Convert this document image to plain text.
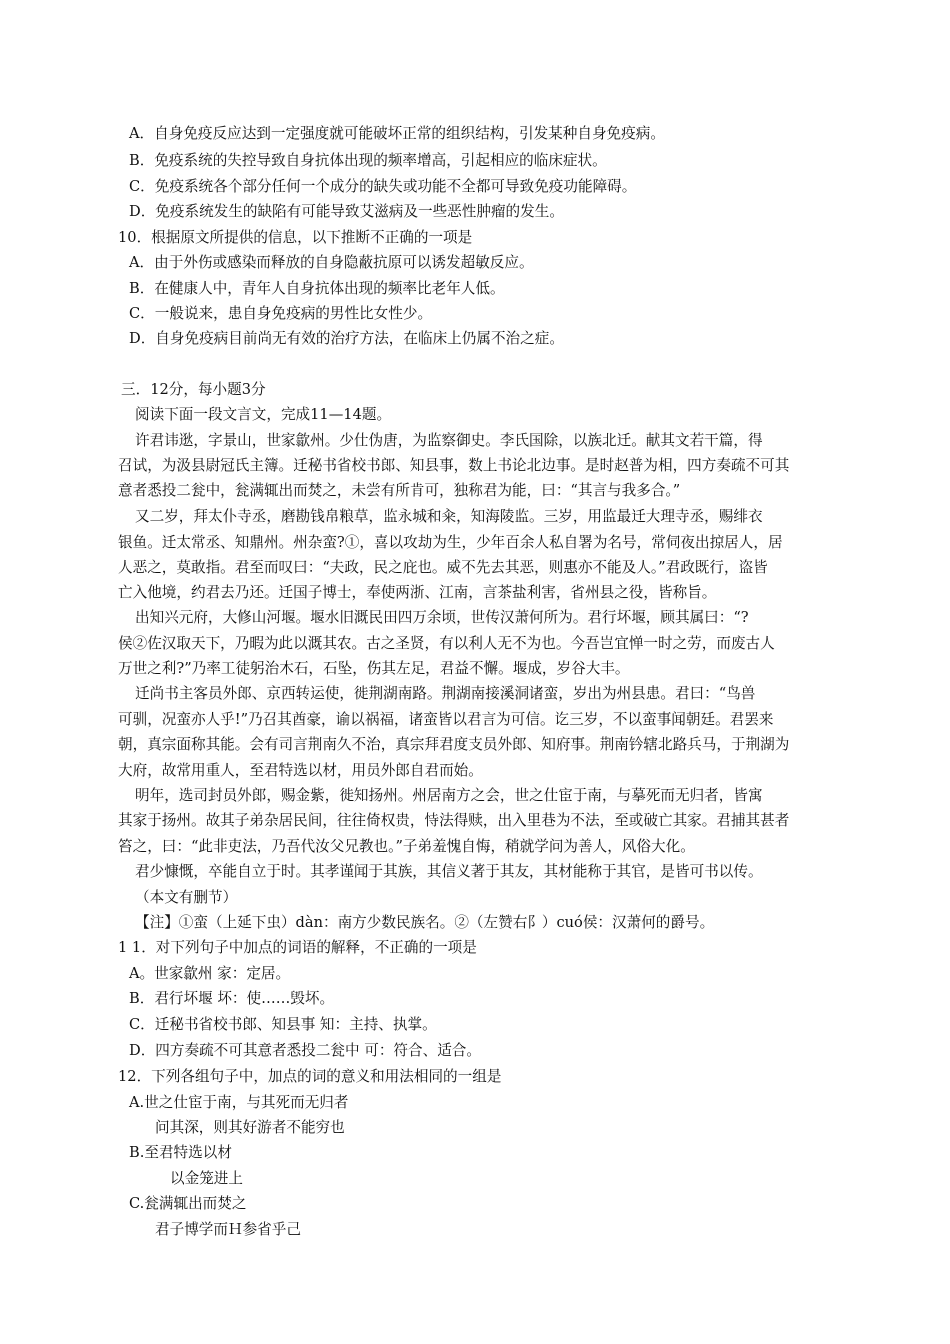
A．自身免疫反应达到一定强度就可能破坏正常的组织结构，引发某种自身免疫病。
B．免疫系统的失控导致自身抗体出现的频率增高，引起相应的临床症状。
C．免疫系统各个部分任何一个成分的缺失或功能不全都可导致免疫功能障碍。
D．免疫系统发生的缺陷有可能导致艾滋病及一些恶性肿瘤的发生。
10．根据原文所提供的信息，以下推断不正确的一项是
A．由于外伤或感染而释放的自身隐蔽抗原可以诱发超敏反应。
B．在健康人中，青年人自身抗体出现的频率比老年人低。
C．一般说来，患自身免疫病的男性比女性少。
D．自身免疫病目前尚无有效的治疗方法，在临床上仍属不治之症。
三．12分，每小题3分
阅读下面一段文言文，完成11—14题。
许君讳逖，字景山，世家歙州。少仕伪唐，为监察御史。李氏国除，以族北迁。献其文若干篇，得
召试，为汲县尉冠氏主簿。迁秘书省校书郎、知县事，数上书论北边事。是时赵普为相，四方奏疏不可其
意者悉投二瓮中，瓮满辄出而焚之，未尝有所肯可，独称君为能，曰：“其言与我多合。”
又二岁，拜太仆寺丞，磨勘钱帛粮草，监永城和籴，知海陵监。三岁，用监最迁大理寺丞，赐绯衣
银鱼。迁太常丞、知鼎州。州杂蛮?①，喜以攻劫为生，少年百余人私自署为名号，常伺夜出掠居人，居
人恶之，莫敢指。君至而叹曰：“夫政，民之庇也。威不先去其恶，则惠亦不能及人。”君政既行，盗皆
亡入他境，约君去乃还。迁国子博士，奉使两浙、江南，言茶盐利害，省州县之役，皆称旨。
出知兴元府，大修山河堰。堰水旧溉民田四万余顷，世传汉萧何所为。君行坏堰，顾其属曰：“?
侯②佐汉取天下，乃暇为此以溉其农。古之圣贤，有以利人无不为也。今吾岂宜惮一时之劳，而废古人
万世之利?”乃率工徒躬治木石，石坠，伤其左足，君益不懈。堰成，岁谷大丰。
迁尚书主客员外郎、京西转运使，徙荆湖南路。荆湖南接溪洞诸蛮，岁出为州县患。君曰：“鸟兽
可驯，况蛮亦人乎!”乃召其酋豪，谕以祸福，诸蛮皆以君言为可信。讫三岁，不以蛮事闻朝廷。君罢来
朝，真宗面称其能。会有司言荆南久不治，真宗拜君度支员外郎、知府事。荆南钤辖北路兵马，于荆湖为
大府，故常用重人，至君特选以材，用员外郎自君而始。
明年，选司封员外郎，赐金紫，徙知扬州。州居南方之会，世之仕宦于南，与摹死而无归者，皆寓
其家于扬州。故其子弟杂居民间，往往倚权贵，恃法得赎，出入里巷为不法，至或破亡其家。君捕其甚者
笞之，曰：“此非吏法，乃吾代汝父兄教也。”子弟羞愧自悔，稍就学问为善人，风俗大化。
君少慷慨，卒能自立于时。其孝谨闻于其族，其信义著于其友，其材能称于其官，是皆可书以传。
（本文有删节）
【注】①蛮（上延下虫）dàn：南方少数民族名。②（左赞右阝）cuó侯：汉萧何的爵号。
1 1．对下列句子中加点的词语的解释，不正确的一项是
A。世家歙州 家：定居。
B．君行坏堰 坏：使……毁坏。
C．迁秘书省校书郎、知县事 知：主持、执掌。
D．四方奏疏不可其意者悉投二瓮中 可：符合、适合。
12．下列各组句子中，加点的词的意义和用法相同的一组是
A.世之仕宦于南，与其死而无归者
问其深，则其好游者不能穷也
B.至君特选以材
以金笼进上
C.瓮满辄出而焚之
君子博学而Ｈ参省乎己
